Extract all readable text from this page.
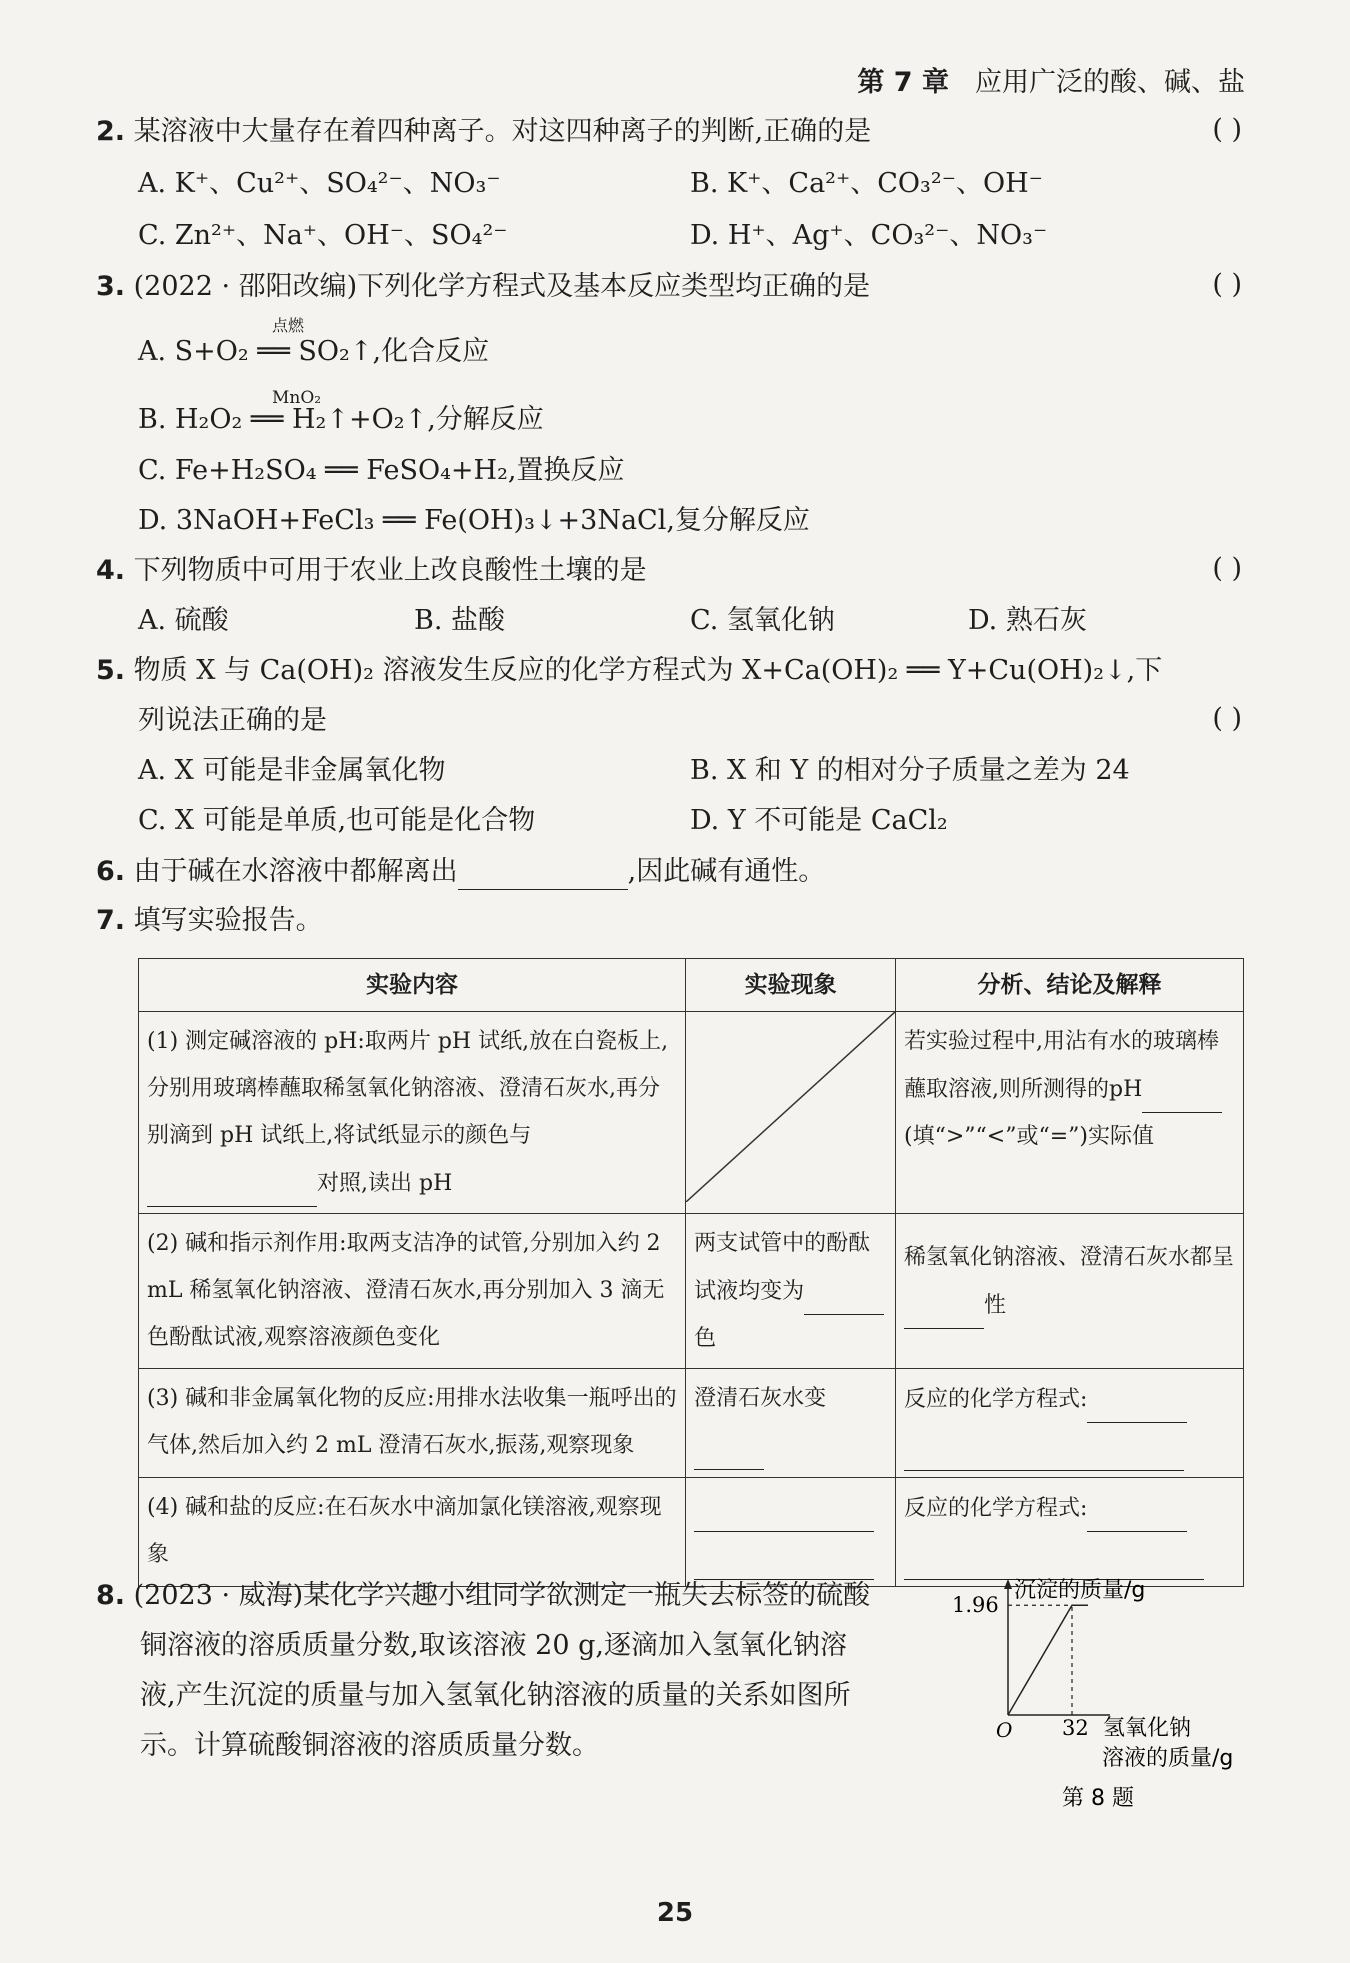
第 7 章 应用广泛的酸、碱、盐
2. 某溶液中大量存在着四种离子。对这四种离子的判断,正确的是	( )
A. K⁺、Cu²⁺、SO₄²⁻、NO₃⁻	B. K⁺、Ca²⁺、CO₃²⁻、OH⁻
C. Zn²⁺、Na⁺、OH⁻、SO₄²⁻	D. H⁺、Ag⁺、CO₃²⁻、NO₃⁻
3. (2022 · 邵阳改编)下列化学方程式及基本反应类型均正确的是	( )
点燃
A. S+O₂ ══ SO₂↑,化合反应
MnO₂
B. H₂O₂ ══ H₂↑+O₂↑,分解反应
C. Fe+H₂SO₄ ══ FeSO₄+H₂,置换反应
D. 3NaOH+FeCl₃ ══ Fe(OH)₃↓+3NaCl,复分解反应
4. 下列物质中可用于农业上改良酸性土壤的是	( )
A. 硫酸	B. 盐酸	C. 氢氧化钠	D. 熟石灰
5. 物质 X 与 Ca(OH)₂ 溶液发生反应的化学方程式为 X+Ca(OH)₂ ══ Y+Cu(OH)₂↓,下
列说法正确的是	( )
A. X 可能是非金属氧化物	B. X 和 Y 的相对分子质量之差为 24
C. X 可能是单质,也可能是化合物	D. Y 不可能是 CaCl₂
6. 由于碱在水溶液中都解离出	,因此碱有通性。
7. 填写实验报告。
实验内容	实验现象	分析、结论及解释
(1) 测定碱溶液的 pH:取两片 pH 试纸,放在白瓷板上,分别用玻璃棒蘸取稀氢氧化钠溶液、澄清石灰水,再分别滴到 pH 试纸上,将试纸显示的颜色与 对照,读出 pH		若实验过程中,用沾有水的玻璃棒蘸取溶液,则所测得的pH (填“>”“<”或“=”)实际值
(2) 碱和指示剂作用:取两支洁净的试管,分别加入约 2 mL 稀氢氧化钠溶液、澄清石灰水,再分别加入 3 滴无色酚酞试液,观察溶液颜色变化	两支试管中的酚酞试液均变为 色	稀氢氧化钠溶液、澄清石灰水都呈 性
(3) 碱和非金属氧化物的反应:用排水法收集一瓶呼出的气体,然后加入约 2 mL 澄清石灰水,振荡,观察现象	澄清石灰水变	反应的化学方程式:

(4) 碱和盐的反应:在石灰水中滴加氯化镁溶液,观察现象		反应的化学方程式:

8. (2023 · 威海)某化学兴趣小组同学欲测定一瓶失去标签的硫酸
铜溶液的溶质质量分数,取该溶液 20 g,逐滴加入氢氧化钠溶
液,产生沉淀的质量与加入氢氧化钠溶液的质量的关系如图所
示。计算硫酸铜溶液的溶质质量分数。
沉淀的质量/g
1.96
O 32 氢氧化钠
溶液的质量/g
第 8 题
25
